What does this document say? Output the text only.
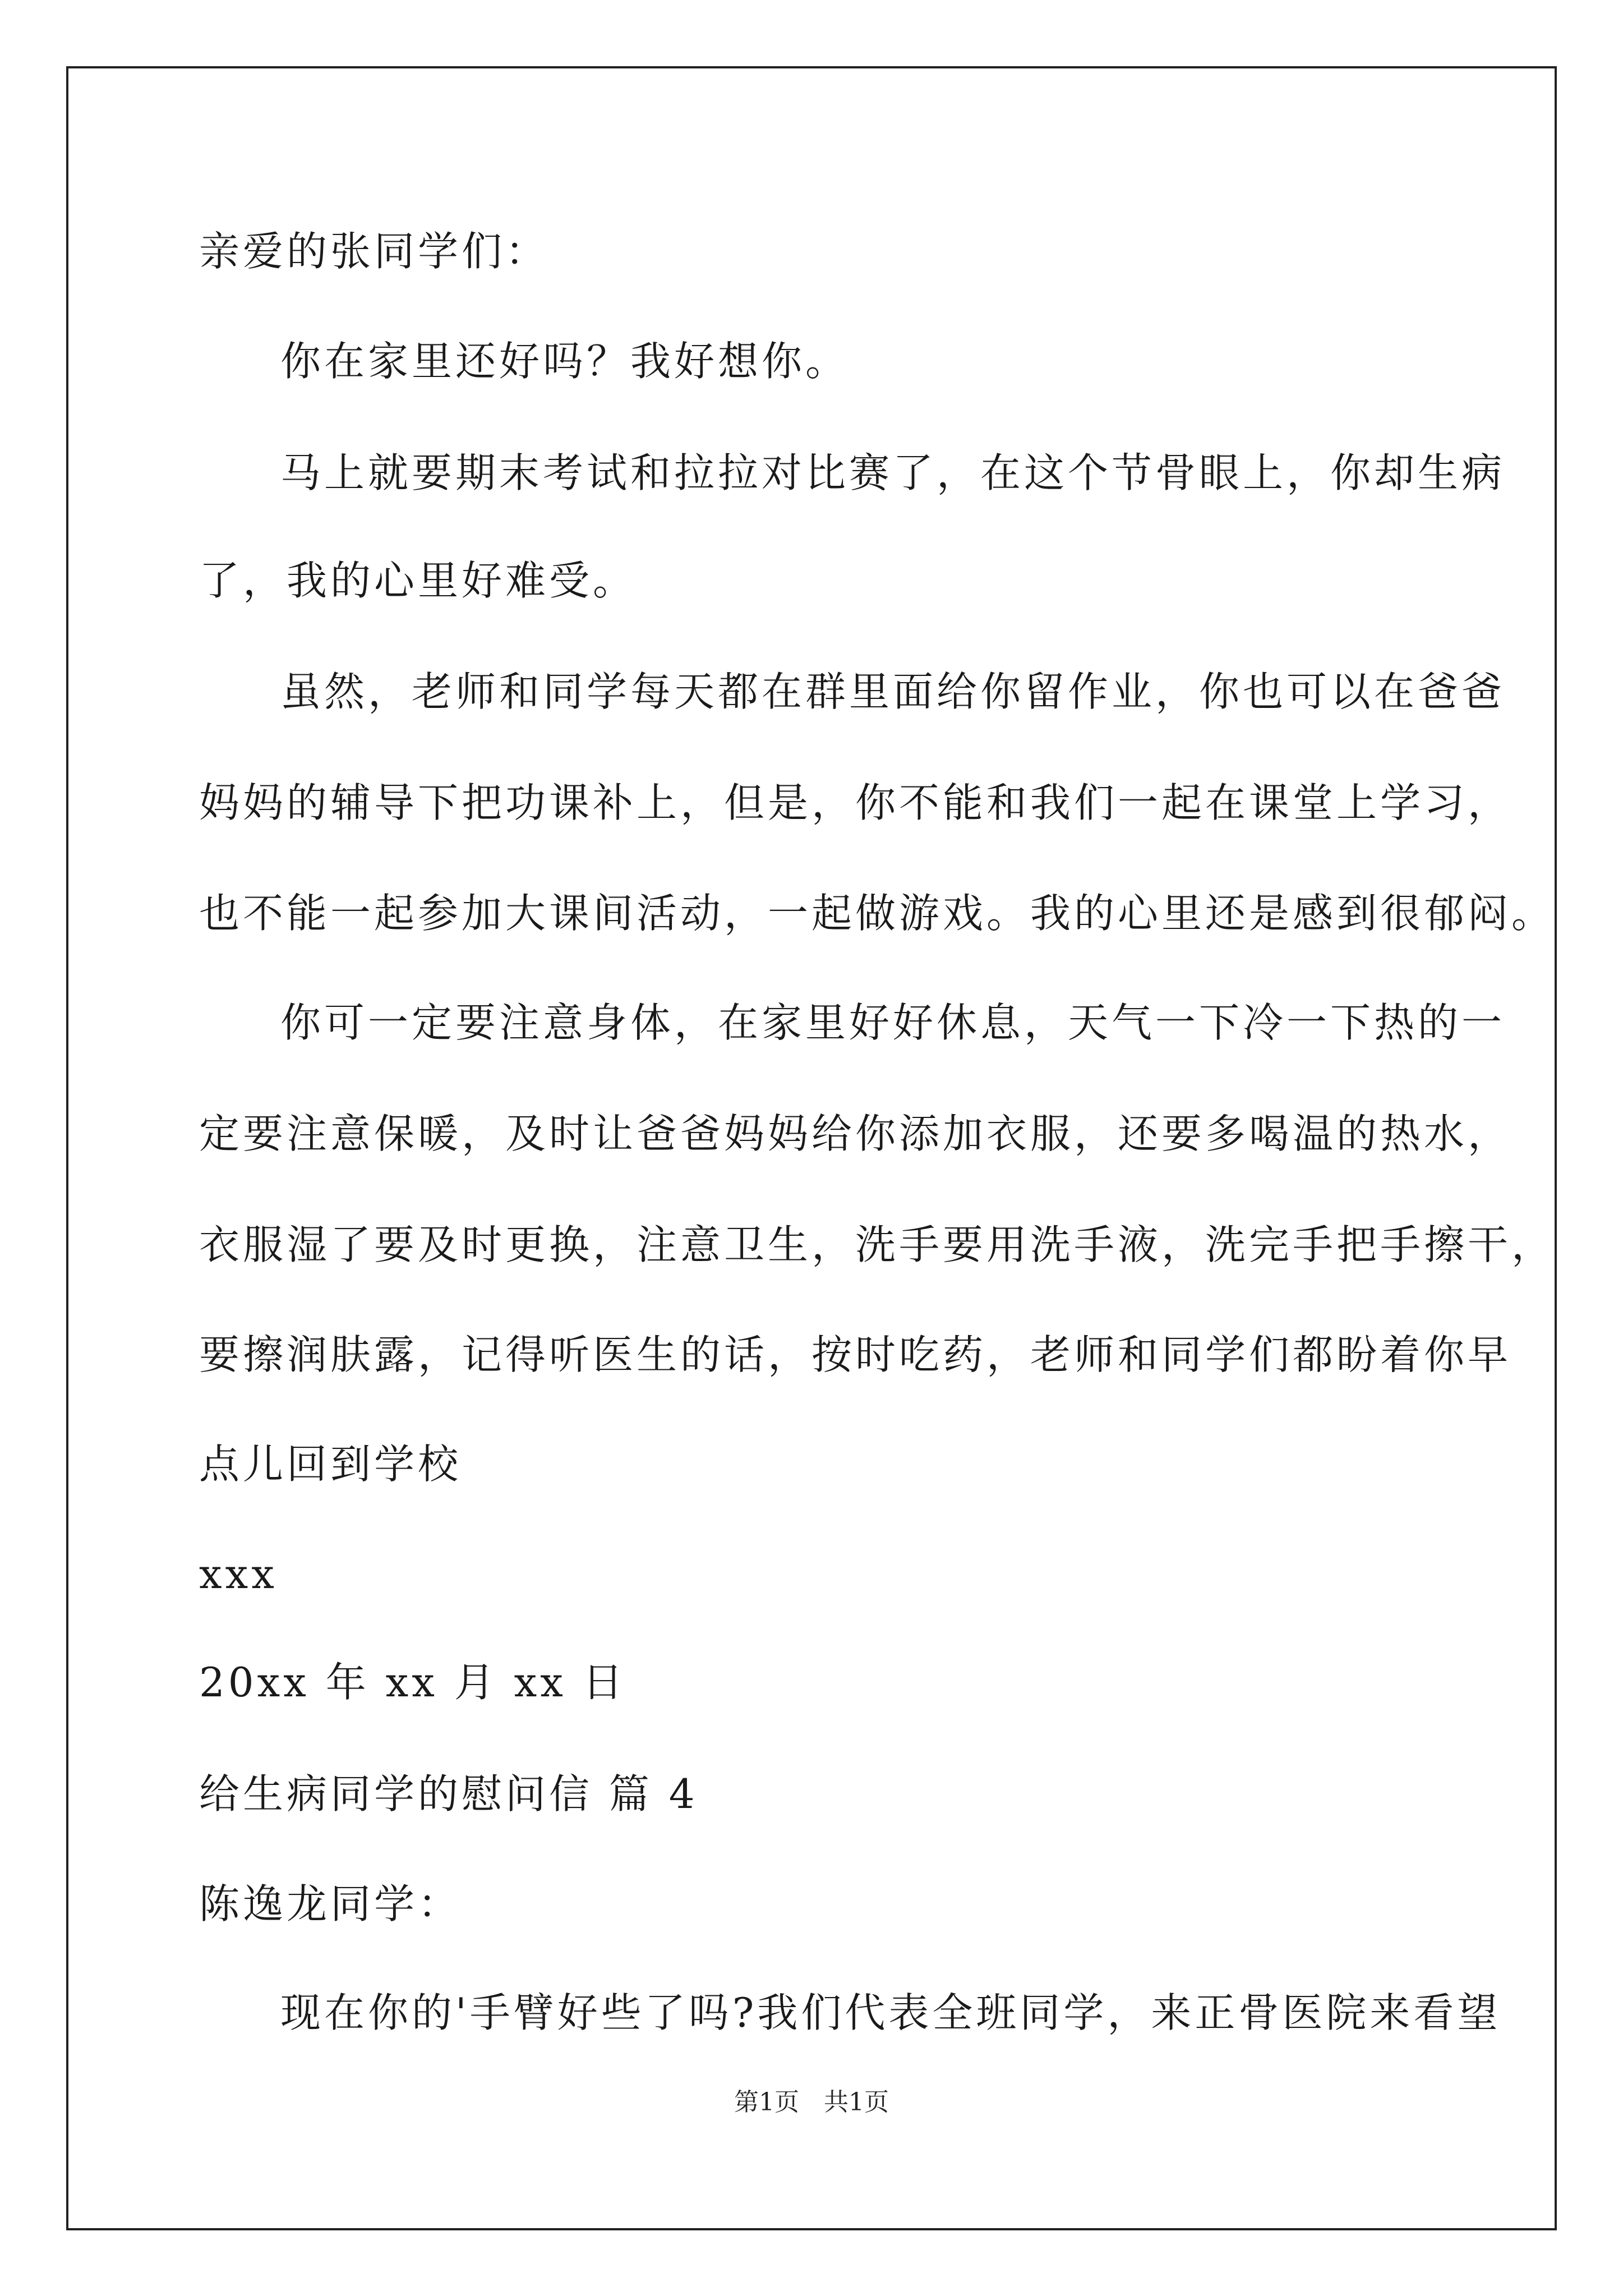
亲爱的张同学们：
你在家里还好吗？我好想你。
马上就要期末考试和拉拉对比赛了，在这个节骨眼上，你却生病
了，我的心里好难受。
虽然，老师和同学每天都在群里面给你留作业，你也可以在爸爸
妈妈的辅导下把功课补上，但是，你不能和我们一起在课堂上学习，
也不能一起参加大课间活动，一起做游戏。我的心里还是感到很郁闷。
你可一定要注意身体，在家里好好休息，天气一下冷一下热的一
定要注意保暖，及时让爸爸妈妈给你添加衣服，还要多喝温的热水，
衣服湿了要及时更换，注意卫生，洗手要用洗手液，洗完手把手擦干，
要擦润肤露，记得听医生的话，按时吃药，老师和同学们都盼着你早
点儿回到学校
xxx
20xx 年 xx 月 xx 日
给生病同学的慰问信 篇 4
陈逸龙同学：
现在你的'手臂好些了吗?我们代表全班同学，来正骨医院来看望
第1页　共1页
